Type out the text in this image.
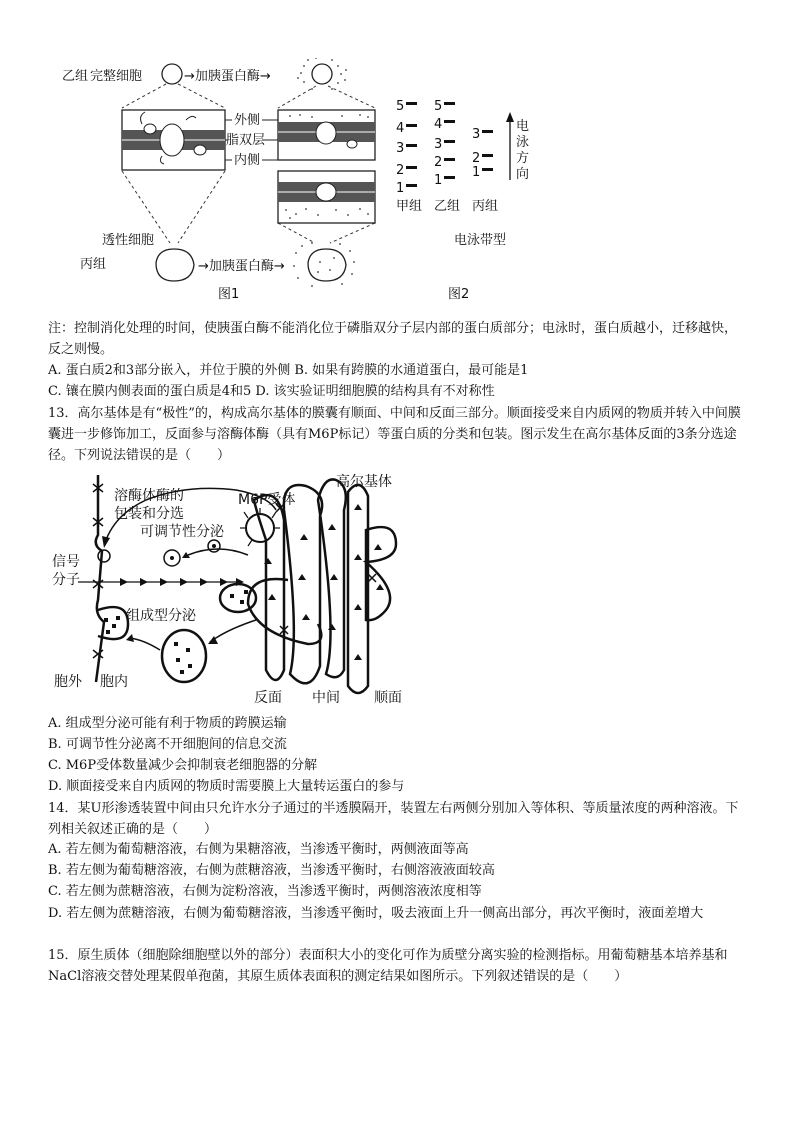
乙组 完整细胞	→加胰蛋白酶→
外侧
脂双层
内侧
透性细胞
丙组	→加胰蛋白酶→
图1
5
4
3
2
1
5
4
3
2
1
3
2
1
电
泳
方
向
甲组 乙组 丙组
电泳带型
图2
注：控制消化处理的时间，使胰蛋白酶不能消化位于磷脂双分子层内部的蛋白质部分；电泳时，蛋白质越小，迁移越快，反之则慢。
A. 蛋白质2和3部分嵌入，并位于膜的外侧 B. 如果有跨膜的水通道蛋白，最可能是1
C. 镶在膜内侧表面的蛋白质是4和5 D. 该实验证明细胞膜的结构具有不对称性
13．高尔基体是有“极性”的，构成高尔基体的膜囊有顺面、中间和反面三部分。顺面接受来自内质网的物质并转入中间膜囊进一步修饰加工，反面参与溶酶体酶（具有M6P标记）等蛋白质的分类和包装。图示发生在高尔基体反面的3条分选途径。下列说法错误的是（　　）
高尔基体
溶酶体酶的
包装和分选
M6P受体
可调节性分泌
信号
分子
组成型分泌
胞外 胞内
反面 中间 顺面
A. 组成型分泌可能有利于物质的跨膜运输
B. 可调节性分泌离不开细胞间的信息交流
C. M6P受体数量减少会抑制衰老细胞器的分解
D. 顺面接受来自内质网的物质时需要膜上大量转运蛋白的参与
14．某U形渗透装置中间由只允许水分子通过的半透膜隔开，装置左右两侧分别加入等体积、等质量浓度的两种溶液。下列相关叙述正确的是（　　）
A. 若左侧为葡萄糖溶液，右侧为果糖溶液，当渗透平衡时，两侧液面等高
B. 若左侧为葡萄糖溶液，右侧为蔗糖溶液，当渗透平衡时，右侧溶液液面较高
C. 若左侧为蔗糖溶液，右侧为淀粉溶液，当渗透平衡时，两侧溶液浓度相等
D. 若左侧为蔗糖溶液，右侧为葡萄糖溶液，当渗透平衡时，吸去液面上升一侧高出部分，再次平衡时，液面差增大
15．原生质体（细胞除细胞壁以外的部分）表面积大小的变化可作为质壁分离实验的检测指标。用葡萄糖基本培养基和NaCl溶液交替处理某假单孢菌，其原生质体表面积的测定结果如图所示。下列叙述错误的是（　　）
